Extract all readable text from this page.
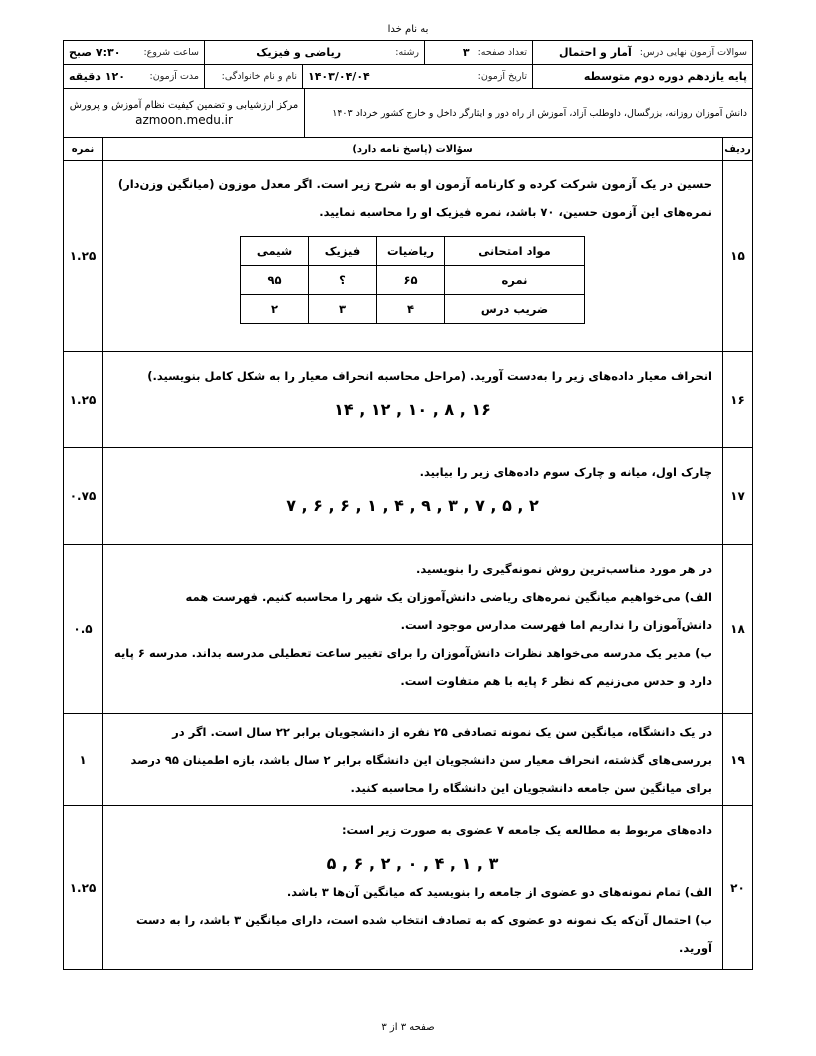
به نام خدا
سوالات آزمون نهایی درس:
آمار و احتمال
تعداد صفحه:
۳
رشته:
ریاضی و فیزیک
ساعت شروع:
۷:۳۰ صبح
پایه یازدهم دوره دوم متوسطه
تاریخ آزمون:
۱۴۰۳/۰۴/۰۴
نام و نام خانوادگی:
مدت آزمون:
۱۲۰ دقیقه
دانش آموزان روزانه، بزرگسال، داوطلب آزاد، آموزش از راه دور و ایثارگر داخل و خارج کشور خرداد ۱۴۰۳
مرکز ارزشیابی و تضمین کیفیت نظام آموزش و پرورش
azmoon.medu.ir
ردیف
سؤالات (پاسخ نامه دارد)
نمره
۱۵
حسین در یک آزمون شرکت کرده و کارنامه آزمون او به شرح زیر است. اگر معدل موزون (میانگین وزن‌دار) نمره‌های این آزمون حسین، ۷۰ باشد، نمره فیزیک او را محاسبه نمایید.
مواد امتحانی	ریاضیات	فیزیک	شیمی
نمره	۶۵	؟	۹۵
ضریب درس	۴	۳	۲
۱.۲۵
۱۶
انحراف معیار داده‌های زیر را به‌دست آورید. (مراحل محاسبه انحراف معیار را به شکل کامل بنویسید.)
۱۶ , ۸ , ۱۰ , ۱۲ , ۱۴
۱.۲۵
۱۷
چارک اول، میانه و چارک سوم داده‌های زیر را بیابید.
۲ , ۵ , ۷ , ۳ , ۹ , ۴ , ۱ , ۶ , ۶ , ۷
۰.۷۵
۱۸
در هر مورد مناسب‌ترین روش نمونه‌گیری را بنویسید.
الف) می‌خواهیم میانگین نمره‌های ریاضی دانش‌آموزان یک شهر را محاسبه کنیم. فهرست همه دانش‌آموزان را نداریم اما فهرست مدارس موجود است.
ب) مدیر یک مدرسه می‌خواهد نظرات دانش‌آموزان را برای تغییر ساعت تعطیلی مدرسه بداند. مدرسه ۶ پایه دارد و حدس می‌زنیم که نظر ۶ پایه با هم متفاوت است.
۰.۵
۱۹
در یک دانشگاه، میانگین سن یک نمونه تصادفی ۲۵ نفره از دانشجویان برابر ۲۲ سال است. اگر در بررسی‌های گذشته، انحراف معیار سن دانشجویان این دانشگاه برابر ۲ سال باشد، بازه اطمینان ۹۵ درصد برای میانگین سن جامعه دانشجویان این دانشگاه را محاسبه کنید.
۱
۲۰
داده‌های مربوط به مطالعه یک جامعه ۷ عضوی به صورت زیر است:
۳ , ۱ , ۴ , ۰ , ۲ , ۶ , ۵
الف) تمام نمونه‌های دو عضوی از جامعه را بنویسید که میانگین آن‌ها ۳ باشد.
ب) احتمال آن‌که یک نمونه دو عضوی که به تصادف انتخاب شده است، دارای میانگین ۳ باشد، را به دست آورید.
۱.۲۵
صفحه ۳ از ۳
